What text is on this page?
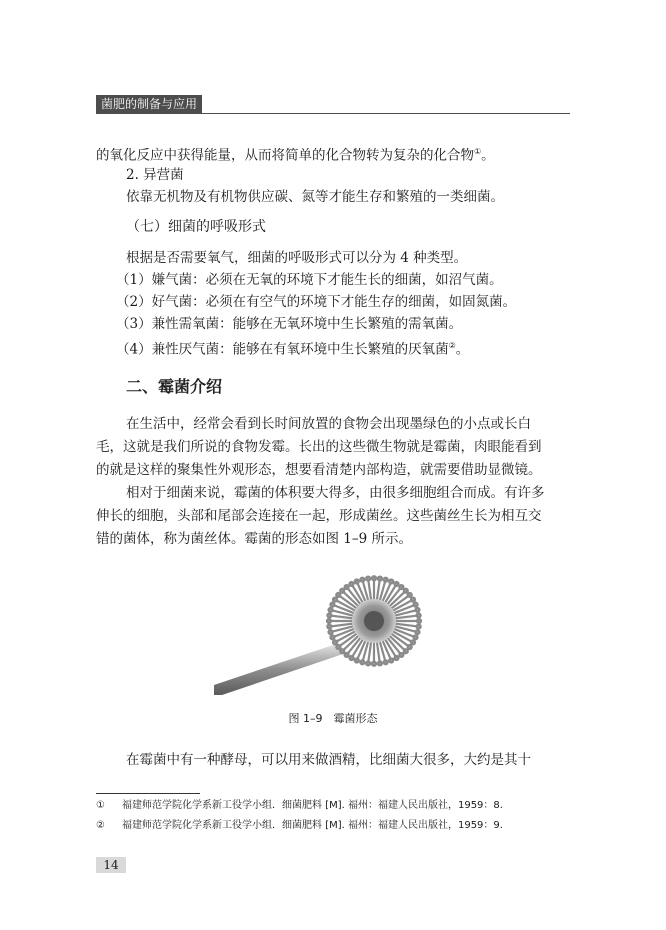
菌肥的制备与应用
的氧化反应中获得能量，从而将简单的化合物转为复杂的化合物①。
2. 异营菌
依靠无机物及有机物供应碳、氮等才能生存和繁殖的一类细菌。
（七）细菌的呼吸形式
根据是否需要氧气，细菌的呼吸形式可以分为 4 种类型。
（1）嫌气菌：必须在无氧的环境下才能生长的细菌，如沼气菌。
（2）好气菌：必须在有空气的环境下才能生存的细菌，如固氮菌。
（3）兼性需氧菌：能够在无氧环境中生长繁殖的需氧菌。
（4）兼性厌气菌：能够在有氧环境中生长繁殖的厌氧菌②。
二、霉菌介绍
在生活中，经常会看到长时间放置的食物会出现墨绿色的小点或长白
毛，这就是我们所说的食物发霉。长出的这些微生物就是霉菌，肉眼能看到
的就是这样的聚集性外观形态，想要看清楚内部构造，就需要借助显微镜。
相对于细菌来说，霉菌的体积要大得多，由很多细胞组合而成。有许多
伸长的细胞，头部和尾部会连接在一起，形成菌丝。这些菌丝生长为相互交
错的菌体，称为菌丝体。霉菌的形态如图 1–9 所示。
图 1–9　霉菌形态
在霉菌中有一种酵母，可以用来做酒精，比细菌大很多，大约是其十
① 福建师范学院化学系新工役学小组．细菌肥料 [M]. 福州：福建人民出版社，1959：8.
② 福建师范学院化学系新工役学小组．细菌肥料 [M]. 福州：福建人民出版社，1959：9.
14
